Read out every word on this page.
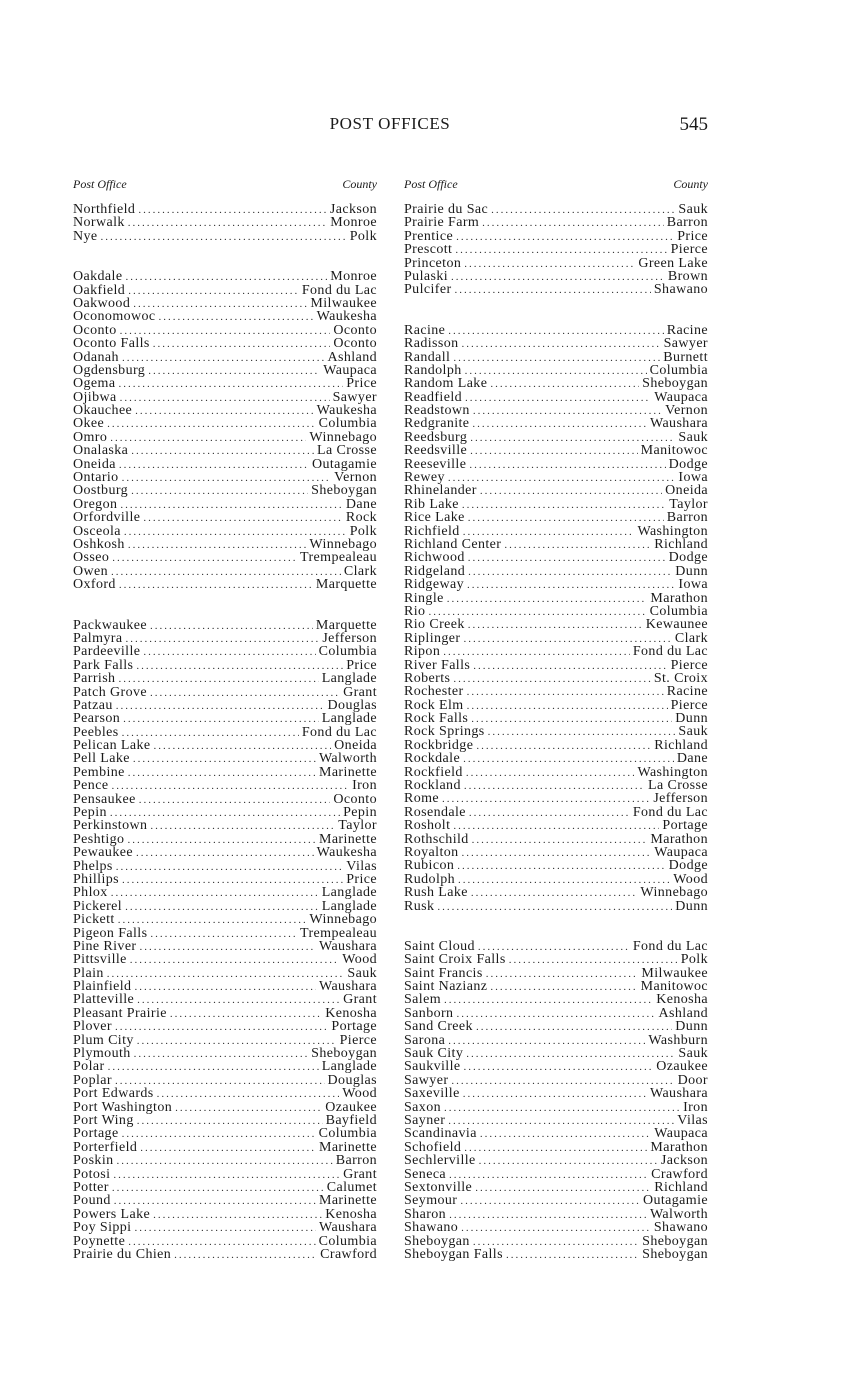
POST OFFICES	545
Post Office	County
Northfield .....	Jackson
Norwalk .....	Monroe
Nye .....	Polk
Oakdale .....	Monroe
Oakfield .....	Fond du Lac
Oakwood .....	Milwaukee
Oconomowoc .....	Waukesha
Oconto .....	Oconto
Oconto Falls .....	Oconto
Odanah .....	Ashland
Ogdensburg .....	Waupaca
Ogema .....	Price
Ojibwa .....	Sawyer
Okauchee .....	Waukesha
Okee .....	Columbia
Omro .....	Winnebago
Onalaska .....	La Crosse
Oneida .....	Outagamie
Ontario .....	Vernon
Oostburg .....	Sheboygan
Oregon .....	Dane
Orfordville .....	Rock
Osceola .....	Polk
Oshkosh .....	Winnebago
Osseo .....	Trempealeau
Owen .....	Clark
Oxford .....	Marquette
Packwaukee .....	Marquette
Palmyra .....	Jefferson
Pardeeville .....	Columbia
Park Falls .....	Price
Parrish .....	Langlade
Patch Grove .....	Grant
Patzau .....	Douglas
Pearson .....	Langlade
Peebles .....	Fond du Lac
Pelican Lake .....	Oneida
Pell Lake .....	Walworth
Pembine .....	Marinette
Pence .....	Iron
Pensaukee .....	Oconto
Pepin .....	Pepin
Perkinstown .....	Taylor
Peshtigo .....	Marinette
Pewaukee .....	Waukesha
Phelps .....	Vilas
Phillips .....	Price
Phlox .....	Langlade
Pickerel .....	Langlade
Pickett .....	Winnebago
Pigeon Falls .....	Trempealeau
Pine River .....	Waushara
Pittsville .....	Wood
Plain .....	Sauk
Plainfield .....	Waushara
Platteville .....	Grant
Pleasant Prairie .....	Kenosha
Plover .....	Portage
Plum City .....	Pierce
Plymouth .....	Sheboygan
Polar .....	Langlade
Poplar .....	Douglas
Port Edwards .....	Wood
Port Washington .....	Ozaukee
Port Wing .....	Bayfield
Portage .....	Columbia
Porterfield .....	Marinette
Poskin .....	Barron
Potosi .....	Grant
Potter .....	Calumet
Pound .....	Marinette
Powers Lake .....	Kenosha
Poy Sippi .....	Waushara
Poynette .....	Columbia
Prairie du Chien .....	Crawford
Post Office	County
Prairie du Sac .....	Sauk
Prairie Farm .....	Barron
Prentice .....	Price
Prescott .....	Pierce
Princeton .....	Green Lake
Pulaski .....	Brown
Pulcifer .....	Shawano
Racine .....	Racine
Radisson .....	Sawyer
Randall .....	Burnett
Randolph .....	Columbia
Random Lake .....	Sheboygan
Readfield .....	Waupaca
Readstown .....	Vernon
Redgranite .....	Waushara
Reedsburg .....	Sauk
Reedsville .....	Manitowoc
Reeseville .....	Dodge
Rewey .....	Iowa
Rhinelander .....	Oneida
Rib Lake .....	Taylor
Rice Lake .....	Barron
Richfield .....	Washington
Richland Center .....	Richland
Richwood .....	Dodge
Ridgeland .....	Dunn
Ridgeway .....	Iowa
Ringle .....	Marathon
Rio .....	Columbia
Rio Creek .....	Kewaunee
Riplinger .....	Clark
Ripon .....	Fond du Lac
River Falls .....	Pierce
Roberts .....	St. Croix
Rochester .....	Racine
Rock Elm .....	Pierce
Rock Falls .....	Dunn
Rock Springs .....	Sauk
Rockbridge .....	Richland
Rockdale .....	Dane
Rockfield .....	Washington
Rockland .....	La Crosse
Rome .....	Jefferson
Rosendale .....	Fond du Lac
Rosholt .....	Portage
Rothschild .....	Marathon
Royalton .....	Waupaca
Rubicon .....	Dodge
Rudolph .....	Wood
Rush Lake .....	Winnebago
Rusk .....	Dunn
Saint Cloud .....	Fond du Lac
Saint Croix Falls .....	Polk
Saint Francis .....	Milwaukee
Saint Nazianz .....	Manitowoc
Salem .....	Kenosha
Sanborn .....	Ashland
Sand Creek .....	Dunn
Sarona .....	Washburn
Sauk City .....	Sauk
Saukville .....	Ozaukee
Sawyer .....	Door
Saxeville .....	Waushara
Saxon .....	Iron
Sayner .....	Vilas
Scandinavia .....	Waupaca
Schofield .....	Marathon
Sechlerville .....	Jackson
Seneca .....	Crawford
Sextonville .....	Richland
Seymour .....	Outagamie
Sharon .....	Walworth
Shawano .....	Shawano
Sheboygan .....	Sheboygan
Sheboygan Falls .....	Sheboygan
